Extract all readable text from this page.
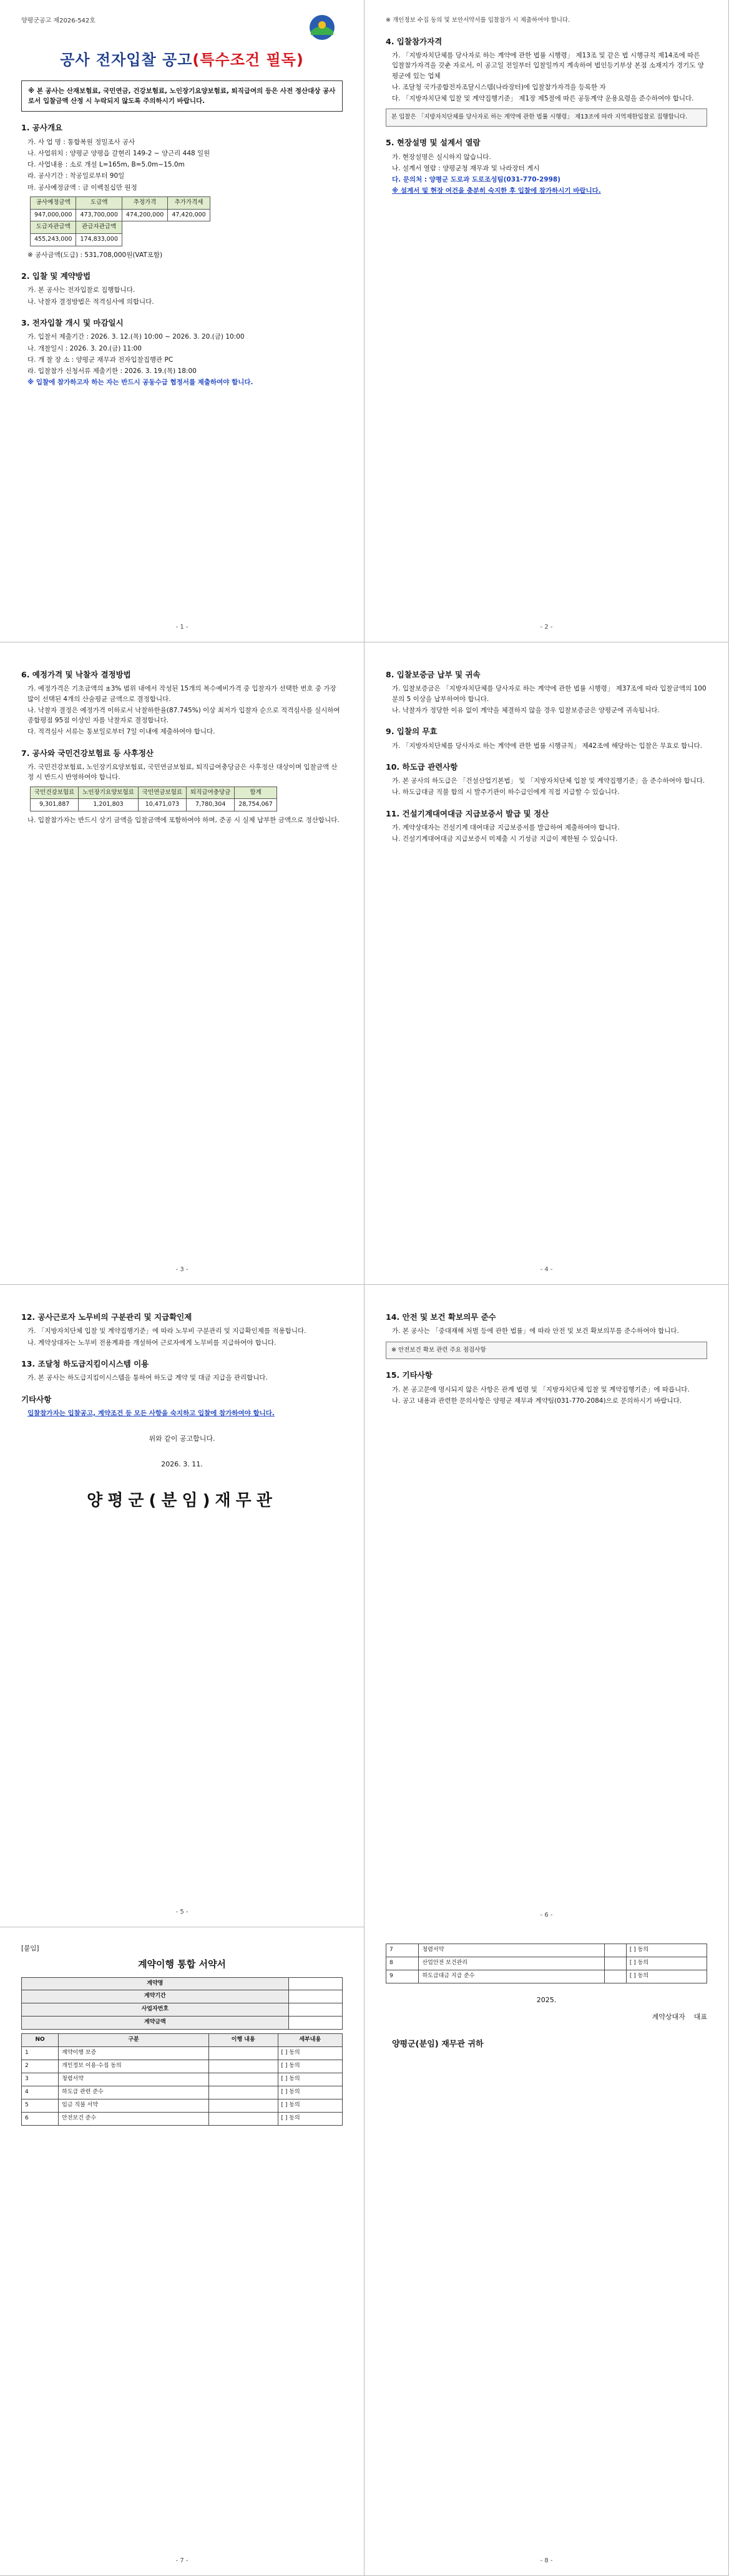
양평군공고 제2026-542호
공사 전자입찰 공고(특수조건 필독)
※ 본 공사는 산재보험료, 국민연금, 건강보험료, 노인장기요양보험료, 퇴직급여의 등은 사전 정산대상 공사로서 입찰금액 산정 시 누락되지 않도록 주의하시기 바랍니다.
1. 공사개요
가. 사 업 명 : 통합복원 정밀조사 공사
나. 사업위치 : 양평군 양평읍 갈현리 149-2 ~ 양근리 448 일원
다. 사업내용 : 소로 개설 L=165m, B=5.0m~15.0m
라. 공사기간 : 착공일로부터 90일
마. 공사예정금액 : 금 이백칠십만 원정
공사예정금액	도급액	추정가격	추가가격세
947,000,000	473,700,000	474,200,000	47,420,000
도급자관급액	관급자관급액		
455,243,000	174,833,000		
※ 공사금액(도급) : 531,708,000원(VAT포함)
2. 입찰 및 계약방법
가. 본 공사는 전자입찰로 집행합니다.
나. 낙찰자 결정방법은 적격심사에 의합니다.
3. 전자입찰 개시 및 마감일시
가. 입찰서 제출기간 : 2026. 3. 12.(목) 10:00 ~ 2026. 3. 20.(금) 10:00
나. 개찰일시 : 2026. 3. 20.(금) 11:00
다. 개 찰 장 소 : 양평군 재무과 전자입찰집행관 PC
라. 입찰참가 신청서류 제출기한 : 2026. 3. 19.(목) 18:00
※ 입찰에 참가하고자 하는 자는 반드시 공동수급 협정서를 제출하여야 합니다.
- 1 -
※ 개인정보 수집 동의 및 보안서약서를 입찰참가 시 제출하여야 합니다.
4. 입찰참가자격
가. 「지방자치단체를 당사자로 하는 계약에 관한 법률 시행령」 제13조 및 같은 법 시행규칙 제14조에 따른 입찰참가자격을 갖춘 자로서, 이 공고일 전일부터 입찰일까지 계속하여 법인등기부상 본점 소재지가 경기도 양평군에 있는 업체
나. 조달청 국가종합전자조달시스템(나라장터)에 입찰참가자격을 등록한 자
다. 「지방자치단체 입찰 및 계약집행기준」 제1장 제5절에 따른 공동계약 운용요령을 준수하여야 합니다.
본 입찰은 「지방자치단체를 당사자로 하는 계약에 관한 법률 시행령」 제13조에 따라 지역제한입찰로 집행합니다.
5. 현장설명 및 설계서 열람
가. 현장설명은 실시하지 않습니다.
나. 설계서 열람 : 양평군청 재무과 및 나라장터 게시
다. 문의처 : 양평군 도로과 도로조성팀(031-770-2998)
※ 설계서 및 현장 여건을 충분히 숙지한 후 입찰에 참가하시기 바랍니다.
- 2 -
6. 예정가격 및 낙찰자 결정방법
가. 예정가격은 기초금액의 ±3% 범위 내에서 작성된 15개의 복수예비가격 중 입찰자가 선택한 번호 중 가장 많이 선택된 4개의 산술평균 금액으로 결정합니다.
나. 낙찰자 결정은 예정가격 이하로서 낙찰하한율(87.745%) 이상 최저가 입찰자 순으로 적격심사를 실시하여 종합평점 95점 이상인 자를 낙찰자로 결정합니다.
다. 적격심사 서류는 통보일로부터 7일 이내에 제출하여야 합니다.
7. 공사와 국민건강보험료 등 사후정산
가. 국민건강보험료, 노인장기요양보험료, 국민연금보험료, 퇴직급여충당금은 사후정산 대상이며 입찰금액 산정 시 반드시 반영하여야 합니다.
국민건강보험료	노인장기요양보험료	국민연금보험료	퇴직급여충당금	합계
9,301,887	1,201,803	10,471,073	7,780,304	28,754,067
나. 입찰참가자는 반드시 상기 금액을 입찰금액에 포함하여야 하며, 준공 시 실제 납부한 금액으로 정산합니다.
- 3 -
8. 입찰보증금 납부 및 귀속
가. 입찰보증금은 「지방자치단체를 당사자로 하는 계약에 관한 법률 시행령」 제37조에 따라 입찰금액의 100분의 5 이상을 납부하여야 합니다.
나. 낙찰자가 정당한 이유 없이 계약을 체결하지 않을 경우 입찰보증금은 양평군에 귀속됩니다.
9. 입찰의 무효
가. 「지방자치단체를 당사자로 하는 계약에 관한 법률 시행규칙」 제42조에 해당하는 입찰은 무효로 합니다.
10. 하도급 관련사항
가. 본 공사의 하도급은 「건설산업기본법」 및 「지방자치단체 입찰 및 계약집행기준」을 준수하여야 합니다.
나. 하도급대금 직불 합의 시 발주기관이 하수급인에게 직접 지급할 수 있습니다.
11. 건설기계대여대금 지급보증서 발급 및 정산
가. 계약상대자는 건설기계 대여대금 지급보증서를 발급하여 제출하여야 합니다.
나. 건설기계대여대금 지급보증서 미제출 시 기성금 지급이 제한될 수 있습니다.
- 4 -
12. 공사근로자 노무비의 구분관리 및 지급확인제
가. 「지방자치단체 입찰 및 계약집행기준」에 따라 노무비 구분관리 및 지급확인제를 적용합니다.
나. 계약상대자는 노무비 전용계좌를 개설하여 근로자에게 노무비를 지급하여야 합니다.
13. 조달청 하도급지킴이시스템 이용
가. 본 공사는 하도급지킴이시스템을 통하여 하도급 계약 및 대금 지급을 관리합니다.
기타사항
입찰참가자는 입찰공고, 계약조건 등 모든 사항을 숙지하고 입찰에 참가하여야 합니다.
위와 같이 공고합니다.
2026. 3. 11.
양평군(분임)재무관
- 5 -
14. 안전 및 보건 확보의무 준수
가. 본 공사는 「중대재해 처벌 등에 관한 법률」에 따라 안전 및 보건 확보의무를 준수하여야 합니다.
※ 안전보건 확보 관련 주요 점검사항
15. 기타사항
가. 본 공고문에 명시되지 않은 사항은 관계 법령 및 「지방자치단체 입찰 및 계약집행기준」에 따릅니다.
나. 공고 내용과 관련한 문의사항은 양평군 재무과 계약팀(031-770-2084)으로 문의하시기 바랍니다.
- 6 -
[붙임]
계약이행 통합 서약서
계약명	
계약기간	
사업자번호	
계약금액	
NO	구분	이행 내용	세부내용
1	계약이행 보증		[ ] 동의
2	개인정보 이용·수집 동의		[ ] 동의
3	청렴서약		[ ] 동의
4	하도급 관련 준수		[ ] 동의
5	임금 직불 서약		[ ] 동의
6	안전보건 준수		[ ] 동의
- 7 -
7	청렴서약		[ ] 동의
8	산업안전 보건관리		[ ] 동의
9	하도급대금 지급 준수		[ ] 동의
2025.
계약상대자 대표
양평군(분임) 재무관 귀하
- 8 -
